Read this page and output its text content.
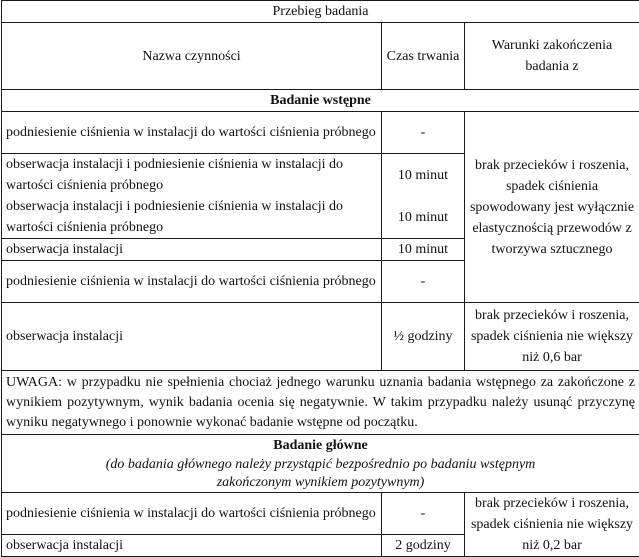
Przebieg badania		
Nazwa czynności	Czas trwania	Warunki zakończenia badania z
Badanie wstępne		
podniesienie ciśnienia w instalacji do wartości ciśnienia próbnego	-	brak przecieków i roszenia, spadek ciśnienia spowodowany jest wyłącznie elastycznością przewodów z tworzywa sztucznego
obserwacja instalacji i podniesienie ciśnienia w instalacji do wartości ciśnienia próbnego	10 minut	
obserwacja instalacji i podniesienie ciśnienia w instalacji do wartości ciśnienia próbnego	10 minut	
obserwacja instalacji	10 minut	
podniesienie ciśnienia w instalacji do wartości ciśnienia próbnego	-	
obserwacja instalacji	½ godziny	brak przecieków i roszenia, spadek ciśnienia nie większy niż 0,6 bar
UWAGA: w przypadku nie spełnienia chociaż jednego warunku uznania badania wstępnego za zakończone z wynikiem pozytywnym, wynik badania ocenia się negatywnie. W takim przypadku należy usunąć przyczynę wyniku negatywnego i ponownie wykonać badanie wstępne od początku.		

Badanie główne
(do badania głównego należy przystąpić bezpośrednio po badaniu wstępnym zakończonym wynikiem pozytywnym)		

podniesienie ciśnienia w instalacji do wartości ciśnienia próbnego	-	brak przecieków i roszenia, spadek ciśnienia nie większy niż 0,2 bar
obserwacja instalacji	2 godziny	
